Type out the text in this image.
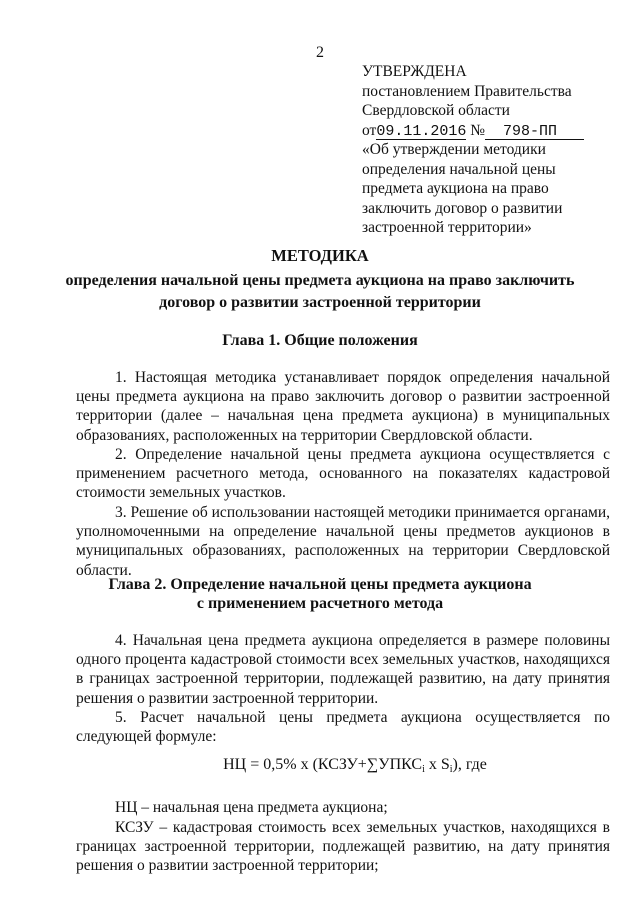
2
УТВЕРЖДЕНА
постановлением Правительства
Свердловской области
от09.11.2016 № 798-ПП
«Об утверждении методики
определения начальной цены
предмета аукциона на право
заключить договор о развитии
застроенной территории»
МЕТОДИКА
определения начальной цены предмета аукциона на право заключить
договор о развитии застроенной территории
Глава 1. Общие положения
1. Настоящая методика устанавливает порядок определения начальной цены предмета аукциона на право заключить договор о развитии застроенной территории (далее – начальная цена предмета аукциона) в муниципальных образованиях, расположенных на территории Свердловской области.
2. Определение начальной цены предмета аукциона осуществляется с применением расчетного метода, основанного на показателях кадастровой стоимости земельных участков.
3. Решение об использовании настоящей методики принимается органами, уполномоченными на определение начальной цены предметов аукционов в муниципальных образованиях, расположенных на территории Свердловской области.
Глава 2. Определение начальной цены предмета аукциона
с применением расчетного метода
4. Начальная цена предмета аукциона определяется в размере половины одного процента кадастровой стоимости всех земельных участков, находящихся в границах застроенной территории, подлежащей развитию, на дату принятия решения о развитии застроенной территории.
5. Расчет начальной цены предмета аукциона осуществляется по следующей формуле:
НЦ = 0,5% х ($КСЗУ+\sum УПКС_i$ х $S_i$), где
НЦ – начальная цена предмета аукциона;
КСЗУ – кадастровая стоимость всех земельных участков, находящихся в границах застроенной территории, подлежащей развитию, на дату принятия решения о развитии застроенной территории;
